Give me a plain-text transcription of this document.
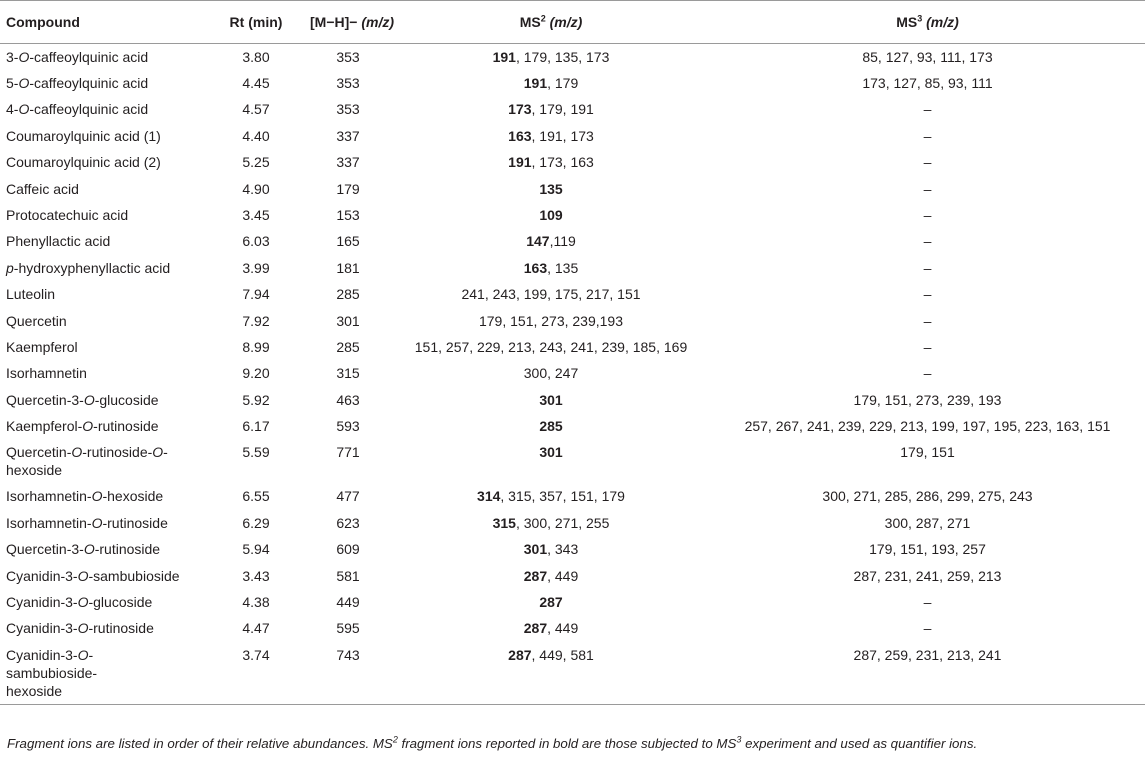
Compound	Rt (min)	[M−H]− (m/z)	$MS^2$ (m/z)	$MS^3$ (m/z)
3-O-caffeoylquinic acid	3.80	353	191, 179, 135, 173	85, 127, 93, 111, 173
5-O-caffeoylquinic acid	4.45	353	191, 179	173, 127, 85, 93, 111
4-O-caffeoylquinic acid	4.57	353	173, 179, 191	–
Coumaroylquinic acid (1)	4.40	337	163, 191, 173	–
Coumaroylquinic acid (2)	5.25	337	191, 173, 163	–
Caffeic acid	4.90	179	135	–
Protocatechuic acid	3.45	153	109	–
Phenyllactic acid	6.03	165	147,119	–
p-hydroxyphenyllactic acid	3.99	181	163, 135	–
Luteolin	7.94	285	241, 243, 199, 175, 217, 151	–
Quercetin	7.92	301	179, 151, 273, 239,193	–
Kaempferol	8.99	285	151, 257, 229, 213, 243, 241, 239, 185, 169	–
Isorhamnetin	9.20	315	300, 247	–
Quercetin-3-O-glucoside	5.92	463	301	179, 151, 273, 239, 193
Kaempferol-O-rutinoside	6.17	593	285	257, 267, 241, 239, 229, 213, 199, 197, 195, 223, 163, 151
Quercetin-O-rutinoside-O-
hexoside	5.59	771	301	179, 151
Isorhamnetin-O-hexoside	6.55	477	314, 315, 357, 151, 179	300, 271, 285, 286, 299, 275, 243
Isorhamnetin-O-rutinoside	6.29	623	315, 300, 271, 255	300, 287, 271
Quercetin-3-O-rutinoside	5.94	609	301, 343	179, 151, 193, 257
Cyanidin-3-O-sambubioside	3.43	581	287, 449	287, 231, 241, 259, 213
Cyanidin-3-O-glucoside	4.38	449	287	–
Cyanidin-3-O-rutinoside	4.47	595	287, 449	–
Cyanidin-3-O-
sambubioside-
hexoside	3.74	743	287, 449, 581	287, 259, 231, 213, 241
Fragment ions are listed in order of their relative abundances. $MS^2$ fragment ions reported in bold are those subjected to $MS^3$ experiment and used as quantifier ions.
